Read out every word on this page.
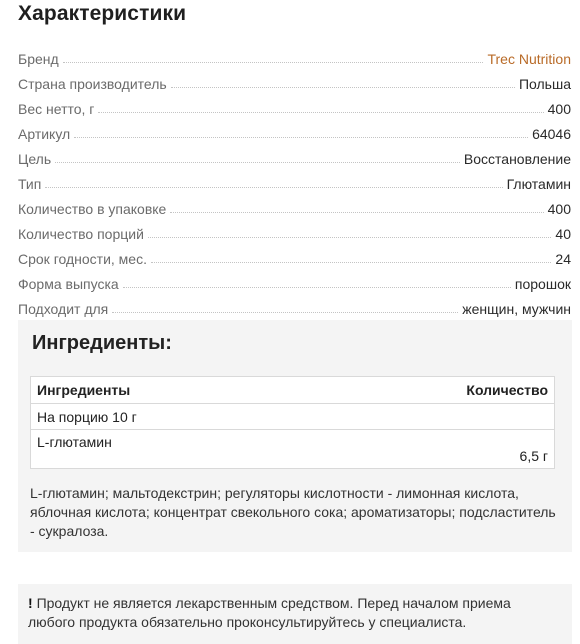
Характеристики
Бренд	Trec Nutrition
Страна производитель	Польша
Вес нетто, г	400
Артикул	64046
Цель	Восстановление
Тип	Глютамин
Количество в упаковке	400
Количество порций	40
Срок годности, мес.	24
Форма выпуска	порошок
Подходит для	женщин, мужчин
Ингредиенты:
Ингредиенты	Количество
На порцию 10 г	
L-глютамин	6,5 г
L-глютамин; мальтодекстрин; регуляторы кислотности - лимонная кислота, яблочная кислота; концентрат свекольного сока; ароматизаторы; подсластитель - сукралоза.
! Продукт не является лекарственным средством. Перед началом приема любого продукта обязательно проконсультируйтесь у специалиста.
